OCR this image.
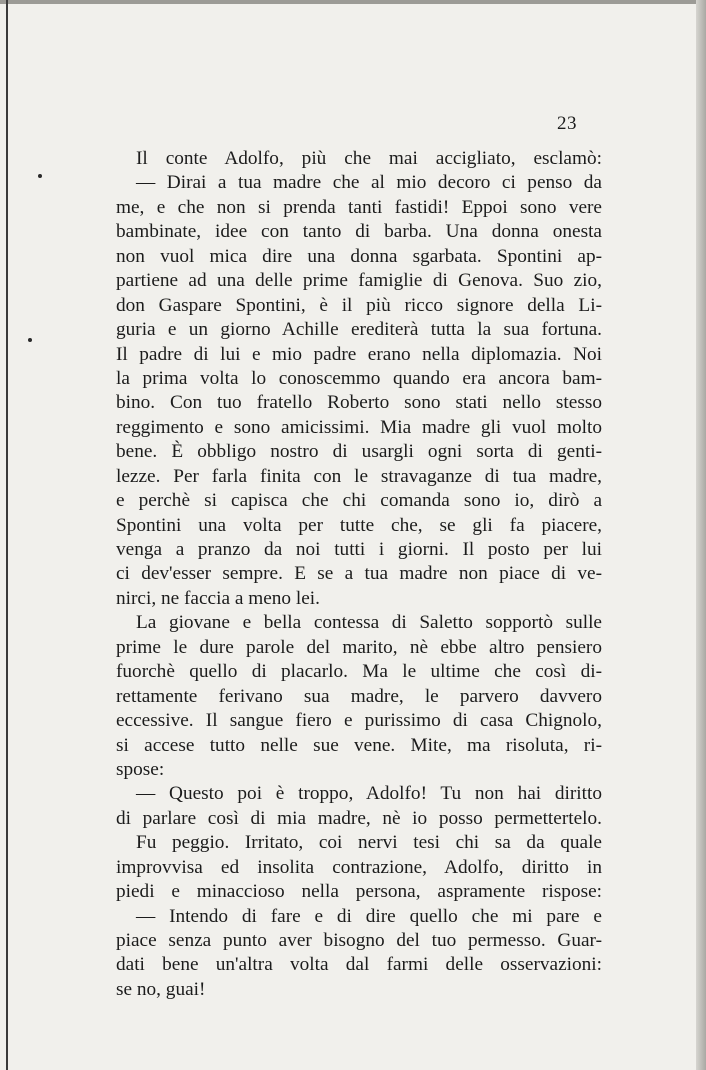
23
Il conte Adolfo, più che mai accigliato, esclamò:
— Dirai a tua madre che al mio decoro ci penso da
me, e che non si prenda tanti fastidi! Eppoi sono vere
bambinate, idee con tanto di barba. Una donna onesta
non vuol mica dire una donna sgarbata. Spontini ap-
partiene ad una delle prime famiglie di Genova. Suo zio,
don Gaspare Spontini, è il più ricco signore della Li-
guria e un giorno Achille erediterà tutta la sua fortuna.
Il padre di lui e mio padre erano nella diplomazia. Noi
la prima volta lo conoscemmo quando era ancora bam-
bino. Con tuo fratello Roberto sono stati nello stesso
reggimento e sono amicissimi. Mia madre gli vuol molto
bene. È obbligo nostro di usargli ogni sorta di genti-
lezze. Per farla finita con le stravaganze di tua madre,
e perchè si capisca che chi comanda sono io, dirò a
Spontini una volta per tutte che, se gli fa piacere,
venga a pranzo da noi tutti i giorni. Il posto per lui
ci dev'esser sempre. E se a tua madre non piace di ve-
nirci, ne faccia a meno lei.
La giovane e bella contessa di Saletto sopportò sulle
prime le dure parole del marito, nè ebbe altro pensiero
fuorchè quello di placarlo. Ma le ultime che così di-
rettamente ferivano sua madre, le parvero davvero
eccessive. Il sangue fiero e purissimo di casa Chignolo,
si accese tutto nelle sue vene. Mite, ma risoluta, ri-
spose:
— Questo poi è troppo, Adolfo! Tu non hai diritto
di parlare così di mia madre, nè io posso permettertelo.
Fu peggio. Irritato, coi nervi tesi chi sa da quale
improvvisa ed insolita contrazione, Adolfo, diritto in
piedi e minaccioso nella persona, aspramente rispose:
— Intendo di fare e di dire quello che mi pare e
piace senza punto aver bisogno del tuo permesso. Guar-
dati bene un'altra volta dal farmi delle osservazioni:
se no, guai!
